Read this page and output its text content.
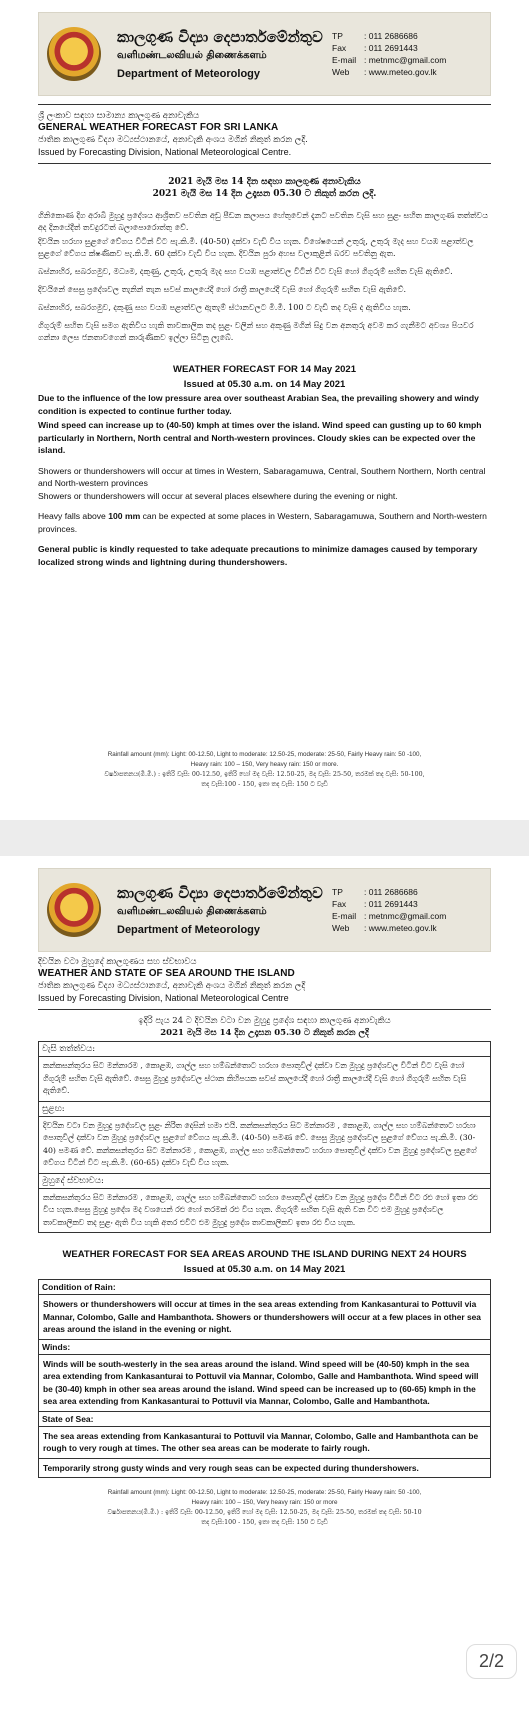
කාලගුණ විද්‍යා දෙපාර්තමේන්තුව
வளிமண்டலவியல் திணைக்களம்
Department of Meteorology
TP	: 011 2686686
Fax	: 011 2691443
E-mail : metnmc@gmail.com
Web	: www.meteo.gov.lk
ශ්‍රී ලංකාව සඳහා සාමාන්‍ය කාලගුණ අනාවැකිය
GENERAL WEATHER FORECAST FOR SRI LANKA
ජාතික කාලගුණ විද්‍යා මධ්‍යස්ථානයේ, අනාවැකි අංශය මගින් නිකුත් කරන ලදි.
Issued by Forecasting Division, National Meteorological Centre.
2021 මැයි මස 14 දින සඳහා කාලගුණ අනාවැකිය
2021 මැයි මස 14 දින උදෑසන 05.30 ට නිකුත් කරන ලදි.
ගිනිකොණ දිග අරාබි මුහුදු ප්‍රදේශය ආශ්‍රිතව පවතින අඩු පීඩන කලාපය හේතුවෙන් දැනට පවතින වැසි සහ සුළං සහිත කාලගුණ තත්ත්වය අද දිනයේදීත් තවදුරටත් බලාපොරොත්තු වේ.
දිවයින හරහා සුළගේ වේගය විටින් විට පැ.කි.මී. (40-50) දක්වා වැඩි විය හැක. විශේෂයෙන් උතුරු, උතුරු මැද සහ වයඹ පළාත්වල සුළගේ වේගය ක්ෂණිකව පැ.කි.මී. 60 දක්වා වැඩි විය හැක. දිවයින පුරා අහස වලාකුළින් බරව පවතිනු ඇත.
බස්නාහිර, සබරගමුව, මධ්‍යම, දකුණු, උතුරු, උතුරු මැද සහ වයඹ පළාත්වල විටින් විට වැසි හෝ ගිගුරුම් සහිත වැසි ඇතිවේ.
දිවයිනේ සෙසු ප්‍රදේශවල තැනින් තැන සවස් කාලයේදී හෝ රාත්‍රී කාලයේදී වැසි හෝ ගිගුරුම් සහිත වැසි ඇතිවේ.
බස්නාහිර, සබරගමුව, දකුණු සහ වයඹ පළාත්වල ඇතැම් ස්ථානවලට මි.මී. 100 ට වැඩි තද වැසි ද ඇතිවිය හැක.
ගිගුරුම් සහිත වැසි සමග ඇතිවිය හැකි තාවකාලික තද සුළං වලින් සහ අකුණු මගින් සිදු වන අනතුරු අවම කර ගැනීමට අවශ්‍ය පියවර ගන්නා ලෙස ජනතාවගෙන් කාරුණිකව ඉල්ලා සිටිනු ලැබේ.
WEATHER FORECAST FOR 14 May 2021
Issued at 05.30 a.m. on 14 May 2021
Due to the influence of the low pressure area over southeast Arabian Sea, the prevailing showery and windy condition is expected to continue further today.
Wind speed can increase up to (40-50) kmph at times over the island. Wind speed can gusting up to 60 kmph particularly in Northern, North central and North-western provinces. Cloudy skies can be expected over the island.
Showers or thundershowers will occur at times in Western, Sabaragamuwa, Central, Southern Northern, North central and North-western provinces
Showers or thundershowers will occur at several places elsewhere during the evening or night.
Heavy falls above 100 mm can be expected at some places in Western, Sabaragamuwa, Southern and North-western provinces.
General public is kindly requested to take adequate precautions to minimize damages caused by temporary localized strong winds and lightning during thundershowers.
Rainfall amount (mm): Light: 00-12.50, Light to moderate: 12.50-25, moderate: 25-50, Fairly Heavy rain: 50 -100,
Heavy rain: 100 – 150, Very heavy rain: 150 or more.
වර්ෂාපතනය(මි.මී.) : ඉතිරි වැසි: 00-12.50, ඉතිරි හෝ මද වැසි: 12.50-25, මද වැසි: 25-50, තරමක් තද වැසි: 50-100,
තද වැසි:100 - 150, ඉතා තද වැසි: 150 ට වැඩි
කාලගුණ විද්‍යා දෙපාර්තමේන්තුව
வளிமண்டலவியல் திணைக்களம்
Department of Meteorology
TP	: 011 2686686
Fax	: 011 2691443
E-mail : metnmc@gmail.com
Web	: www.meteo.gov.lk
දිවයින වටා මුහුදේ කාලගුණය සහ ස්වභාවය
WEATHER AND STATE OF SEA AROUND THE ISLAND
ජාතික කාලගුණ විද්‍යා මධ්‍යස්ථානයේ, අනාවැකි අංශය මගින් නිකුත් කරන ලදි
Issued by Forecasting Division, National Meteorological Centre
ඉදිරි පැය 24 ට දිවයින වටා වන මුහුදු ප්‍රදේශ සඳහා කාලගුණ අනාවැකිය
2021 මැයි මස 14 දින උදෑසන 05.30 ට නිකුත් කරන ලදි
වැසි තත්ත්වය:
කන්කසන්තුරය සිට මන්නාරම , කොළඹ, ගාල්ල සහ හම්බන්තොට හරහා පොතුවිල් දක්වා වන මුහුදු ප්‍රදේශවල විටින් විට වැසි හෝ ගිගුරුම් සහිත වැසි ඇතිවේ. සෙසු මුහුදු ප්‍රදේශවල ස්ථාන කිහිපයක සවස් කාලයේදී හෝ රාත්‍රී කාලයේදී වැසි හෝ ගිගුරුම් සහිත වැසි ඇතිවේ.
සුළඟ:
දිවයින වටා වන මුහුදු ප්‍රදේශවල සුළං නිරිත දෙසින් හමා එයි. කන්කසන්තුරය සිට මන්නාරම , කොළඹ, ගාල්ල සහ හම්බන්තොට හරහා පොතුවිල් දක්වා වන මුහුදු ප්‍රදේශවල සුළගේ වේගය පැ.කි.මී. (40-50) පමණ වේ. සෙසු මුහුදු ප්‍රදේශවල සුළගේ වේගය පැ.කි.මී. (30-40) පමණ වේ. කන්කසන්තුරය සිට මන්නාරම , කොළඹ, ගාල්ල සහ හම්බන්තොට හරහා පොතුවිල් දක්වා වන මුහුදු ප්‍රදේශවල සුළගේ වේගය විටින් විට පැ.කි.මී. (60-65) දක්වා වැඩි විය හැක.
මුහුදේ ස්වභාවය:
කන්කසන්තුරය සිට මන්නාරම , කොළඹ, ගාල්ල සහ හම්බන්තොට හරහා පොතුවිල් දක්වා වන මුහුදු ප්‍රදේශ විටින් විට රළු හෝ ඉතා රළු විය හැක.සෙසු මුහුදු ප්‍රදේශ මද වශයෙන් රළු හෝ තරමක් රළු විය හැක. ගිගුරුම් සහිත වැසි ඇති වන විට එම මුහුදු ප්‍රදේශවල තාවකාලිකව තද සුළං ඇති විය හැකි අතර එවිට එම මුහුදු ප්‍රදේශ තාවකාලිකව ඉතා රළු විය හැක.
WEATHER FORECAST FOR SEA AREAS AROUND THE ISLAND DURING NEXT 24 HOURS
Issued at 05.30 a.m. on 14 May 2021
Condition of Rain:
Showers or thundershowers will occur at times in the sea areas extending from Kankasanturai to Pottuvil via Mannar, Colombo, Galle and Hambanthota. Showers or thundershowers will occur at a few places in other sea areas around the island in the evening or night.
Winds:
Winds will be south-westerly in the sea areas around the island. Wind speed will be (40-50) kmph in the sea area extending from Kankasanturai to Pottuvil via Mannar, Colombo, Galle and Hambanthota. Wind speed will be (30-40) kmph in other sea areas around the island. Wind speed can be increased up to (60-65) kmph in the sea area extending from Kankasanturai to Pottuvil via Mannar, Colombo, Galle and Hambanthota.
State of Sea:
The sea areas extending from Kankasanturai to Pottuvil via Mannar, Colombo, Galle and Hambanthota can be rough to very rough at times. The other sea areas can be moderate to fairly rough.
Temporarily strong gusty winds and very rough seas can be expected during thundershowers.
Rainfall amount (mm): Light: 00-12.50, Light to moderate: 12.50-25, moderate: 25-50, Fairly Heavy rain: 50 -100,
Heavy rain: 100 – 150, Very heavy rain: 150 or more
වර්ෂාපතනය(මි.මී.) : ඉතිරි වැසි: 00-12.50, ඉතිරි හෝ මද වැසි: 12.50-25, මද වැසි: 25-50, තරමක් තද වැසි: 50-10
තද වැසි:100 - 150, ඉතා තද වැසි: 150 ට වැඩි
2/2
